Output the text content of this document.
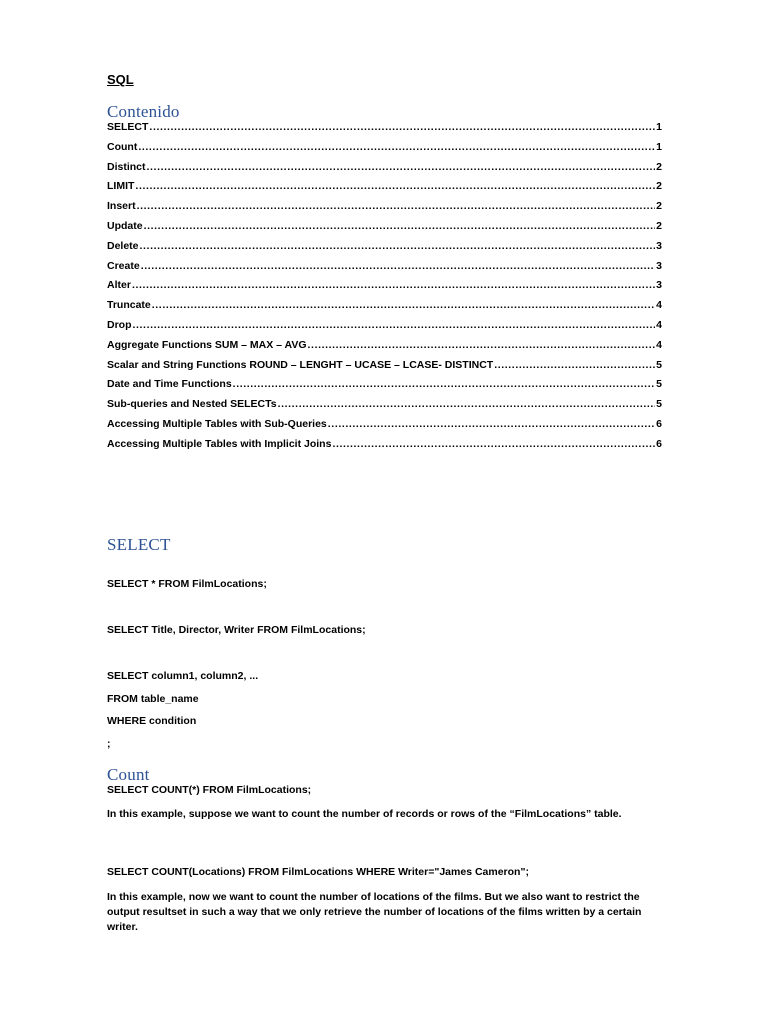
SQL
Contenido
SELECT .....	1
Count .....	1
Distinct .....	2
LIMIT .....	2
Insert .....	2
Update .....	2
Delete .....	3
Create .....	3
Alter .....	3
Truncate .....	4
Drop .....	4
Aggregate Functions SUM – MAX – AVG .....	4
Scalar and String Functions ROUND – LENGHT – UCASE – LCASE- DISTINCT .....	5
Date and Time Functions .....	5
Sub-queries and Nested SELECTs .....	5
Accessing Multiple Tables with Sub-Queries .....	6
Accessing Multiple Tables with Implicit Joins .....	6
SELECT
SELECT * FROM FilmLocations;
SELECT Title, Director, Writer FROM FilmLocations;
SELECT column1, column2, ...
FROM table_name
WHERE condition
;
Count
SELECT COUNT(*) FROM FilmLocations;
In this example, suppose we want to count the number of records or rows of the “FilmLocations” table.
SELECT COUNT(Locations) FROM FilmLocations WHERE Writer="James Cameron";
In this example, now we want to count the number of locations of the films. But we also want to restrict the output resultset in such a way that we only retrieve the number of locations of the films written by a certain writer.
